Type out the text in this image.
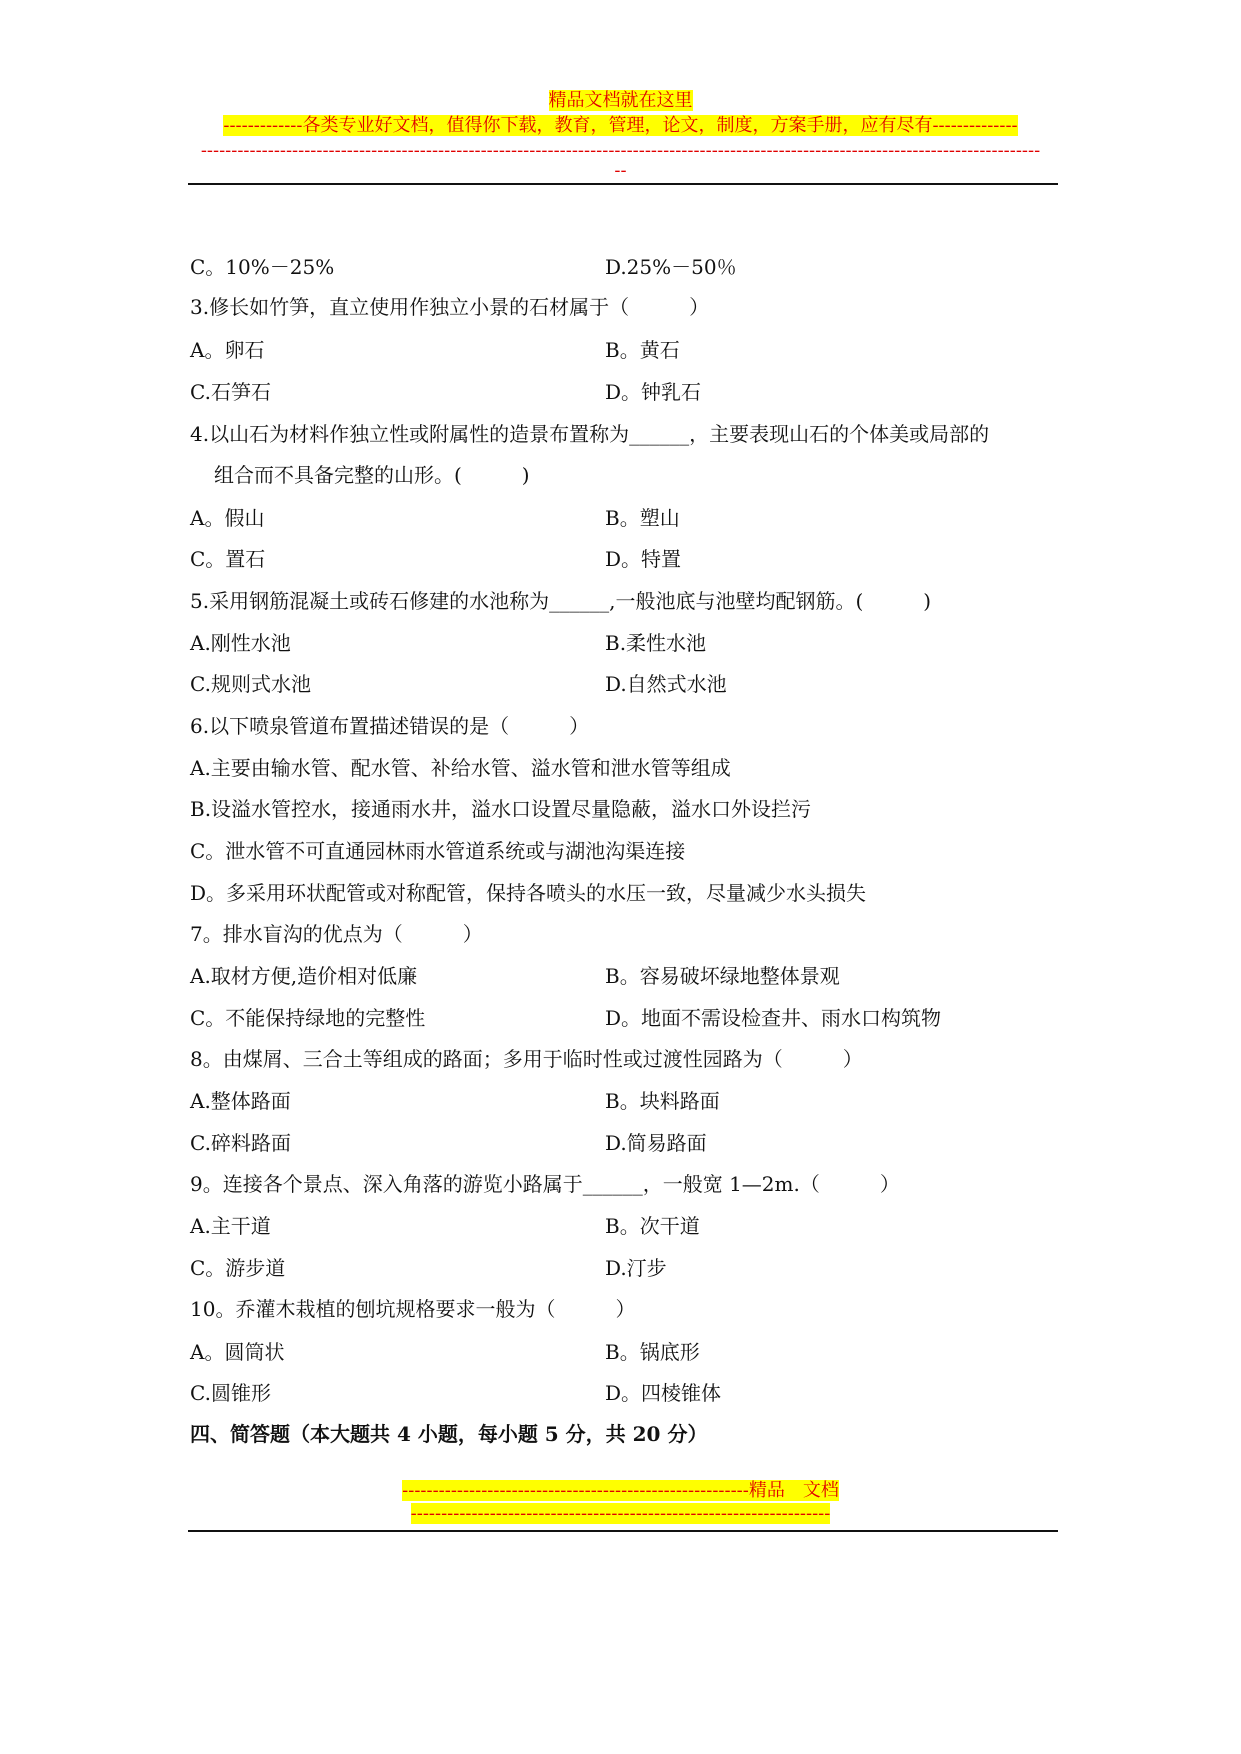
精品文档就在这里
-------------各类专业好文档，值得你下载，教育，管理，论文，制度，方案手册，应有尽有--------------
------------------------------------------------------------------------------------------------------------------------------------------
--
C。10%－25%	D.25%－50％
3.修长如竹笋，直立使用作独立小景的石材属于（　　　）
A。卵石	B。黄石
C.石笋石	D。钟乳石
4.以山石为材料作独立性或附属性的造景布置称为______，主要表现山石的个体美或局部的
组合而不具备完整的山形。(　　　)
A。假山	B。塑山
C。置石	D。特置
5.采用钢筋混凝土或砖石修建的水池称为______,一般池底与池壁均配钢筋。(　　　)
A.刚性水池	B.柔性水池
C.规则式水池	D.自然式水池
6.以下喷泉管道布置描述错误的是（　　　）
A.主要由输水管、配水管、补给水管、溢水管和泄水管等组成
B.设溢水管控水，接通雨水井，溢水口设置尽量隐蔽，溢水口外设拦污
C。泄水管不可直通园林雨水管道系统或与湖池沟渠连接
D。多采用环状配管或对称配管，保持各喷头的水压一致，尽量减少水头损失
7。排水盲沟的优点为（　　　）
A.取材方便,造价相对低廉	B。容易破坏绿地整体景观
C。不能保持绿地的完整性	D。地面不需设检查井、雨水口构筑物
8。由煤屑、三合土等组成的路面；多用于临时性或过渡性园路为（　　　）
A.整体路面	B。块料路面
C.碎料路面	D.简易路面
9。连接各个景点、深入角落的游览小路属于______，一般宽 1—2m.（　　　）
A.主干道	B。次干道
C。游步道	D.汀步
10。乔灌木栽植的刨坑规格要求一般为（　　　）
A。圆筒状	B。锅底形
C.圆锥形	D。四棱锥体
四、简答题（本大题共 4 小题，每小题 5 分，共 20 分）
---------------------------------------------------------精品　文档
---------------------------------------------------------------------
